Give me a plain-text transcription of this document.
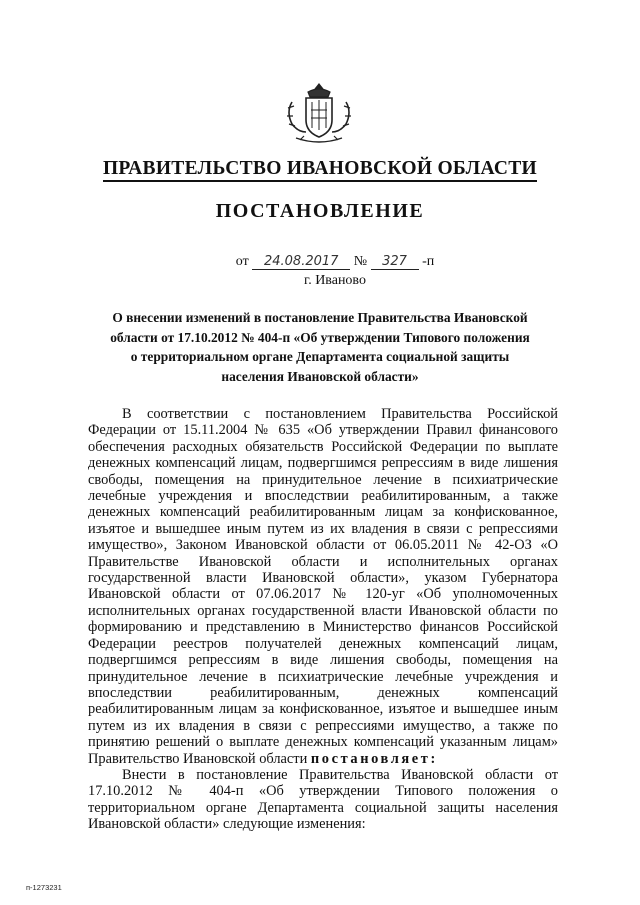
ПРАВИТЕЛЬСТВО ИВАНОВСКОЙ ОБЛАСТИ
ПОСТАНОВЛЕНИЕ
от 24.08.2017 № 327 -п
г. Иваново
О внесении изменений в постановление Правительства Ивановской области от 17.10.2012 № 404-п «Об утверждении Типового положения о территориальном органе Департамента социальной защиты населения Ивановской области»

В соответствии с постановлением Правительства Российской Федерации от 15.11.2004 № 635 «Об утверждении Правил финансового обеспечения расходных обязательств Российской Федерации по выплате денежных компенсаций лицам, подвергшимся репрессиям в виде лишения свободы, помещения на принудительное лечение в психиатрические лечебные учреждения и впоследствии реабилитированным, а также денежных компенсаций реабилитированным лицам за конфискованное, изъятое и вышедшее иным путем из их владения в связи с репрессиями имущество», Законом Ивановской области от 06.05.2011 № 42-ОЗ «О Правительстве Ивановской области и исполнительных органах государственной власти Ивановской области», указом Губернатора Ивановской области от 07.06.2017 № 120-уг «Об уполномоченных исполнительных органах государственной власти Ивановской области по формированию и представлению в Министерство финансов Российской Федерации реестров получателей денежных компенсаций лицам, подвергшимся репрессиям в виде лишения свободы, помещения на принудительное лечение в психиатрические лечебные учреждения и впоследствии реабилитированным, денежных компенсаций реабилитированным лицам за конфискованное, изъятое и вышедшее иным путем из их владения в связи с репрессиями имущество, а также по принятию решений о выплате денежных компенсаций указанным лицам» Правительство Ивановской области постановляет:

Внести в постановление Правительства Ивановской области от 17.10.2012 № 404-п «Об утверждении Типового положения о территориальном органе Департамента социальной защиты населения Ивановской области» следующие изменения:

п-1273231
